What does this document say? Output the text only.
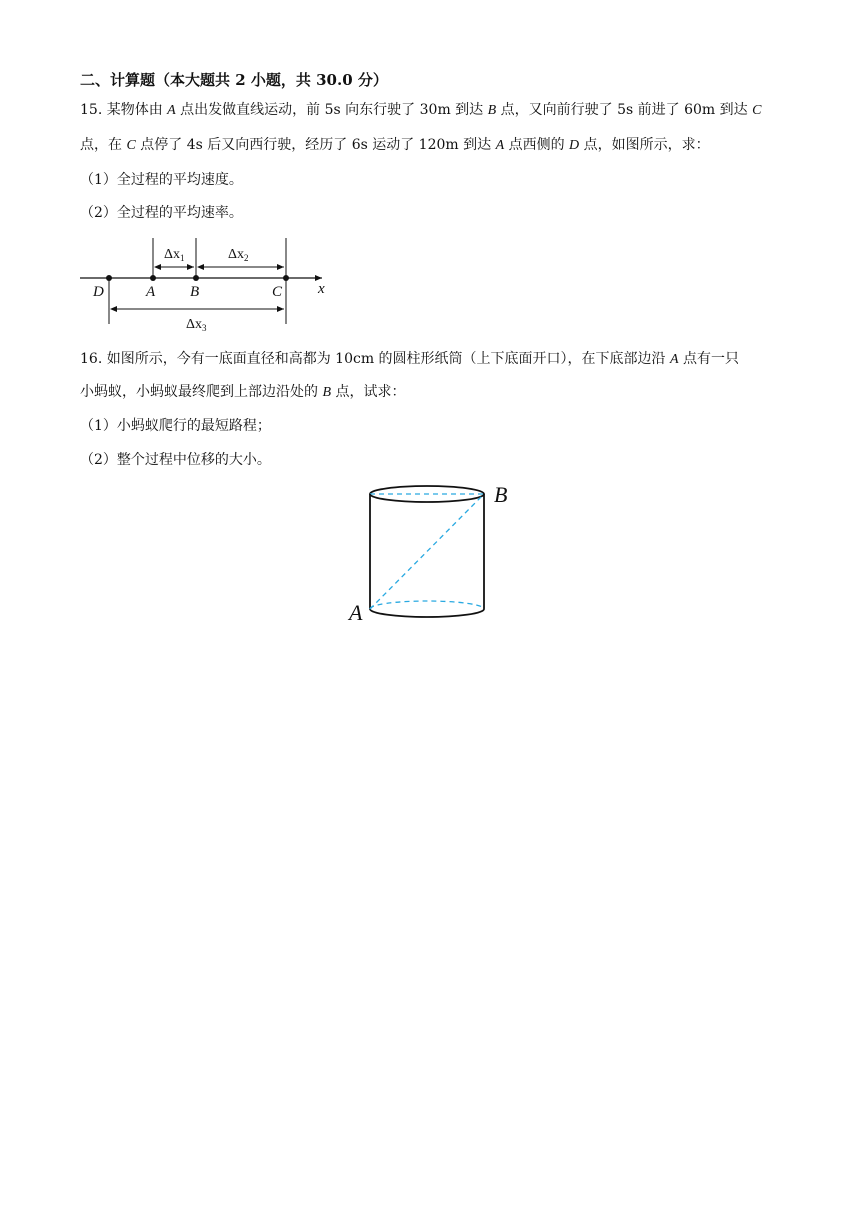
二、计算题（本大题共 2 小题，共 30.0 分）
15. 某物体由 A 点出发做直线运动，前 5s 向东行驶了 30m 到达 B 点，又向前行驶了 5s 前进了 60m 到达 C
点，在 C 点停了 4s 后又向西行驶，经历了 6s 运动了 120m 到达 A 点西侧的 D 点，如图所示，求：
（1）全过程的平均速度。
（2）全过程的平均速率。
$\Delta x_1$	$\Delta x_2$
$\Delta x_3$
D	A B	C x
16. 如图所示，今有一底面直径和高都为 10cm 的圆柱形纸筒（上下底面开口），在下底部边沿 A 点有一只
小蚂蚁，小蚂蚁最终爬到上部边沿处的 B 点，试求：
（1）小蚂蚁爬行的最短路程；
（2）整个过程中位移的大小。
B
A
